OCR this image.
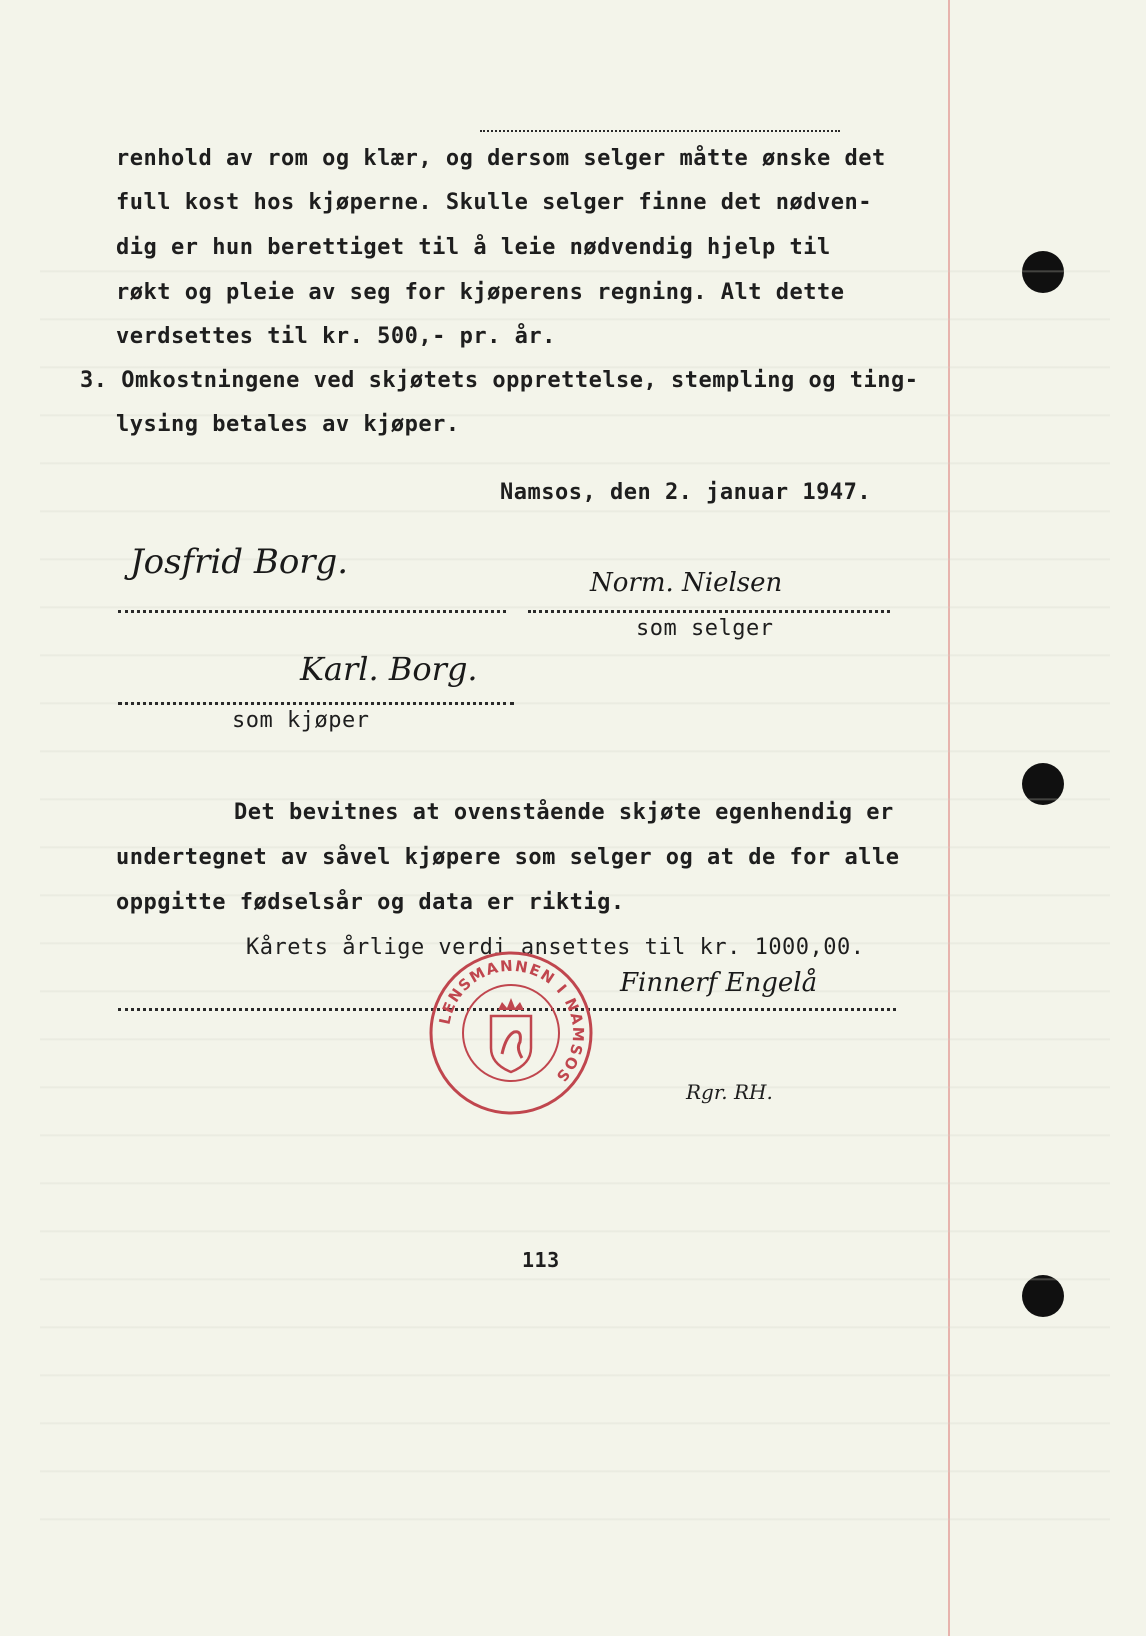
renhold av rom og klær, og dersom selger måtte ønske det
full kost hos kjøperne. Skulle selger finne det nødven-
dig er hun berettiget til å leie nødvendig hjelp til
røkt og pleie av seg for kjøperens regning. Alt dette
verdsettes til kr. 500,- pr. år.
3. Omkostningene ved skjøtets opprettelse, stempling og ting-
lysing betales av kjøper.
Namsos, den 2. januar 1947.
Josfrid Borg.
Norm. Nielsen
som selger
Karl. Borg.
som kjøper
Det bevitnes at ovenstående skjøte egenhendig er
undertegnet av såvel kjøpere som selger og at de for alle
oppgitte fødselsår og data er riktig.
Kårets årlige verdi ansettes til kr. 1000,00.
Finnerf Engelå
LENSMANNEN I NAMSOS
Rgr. RH.
113
